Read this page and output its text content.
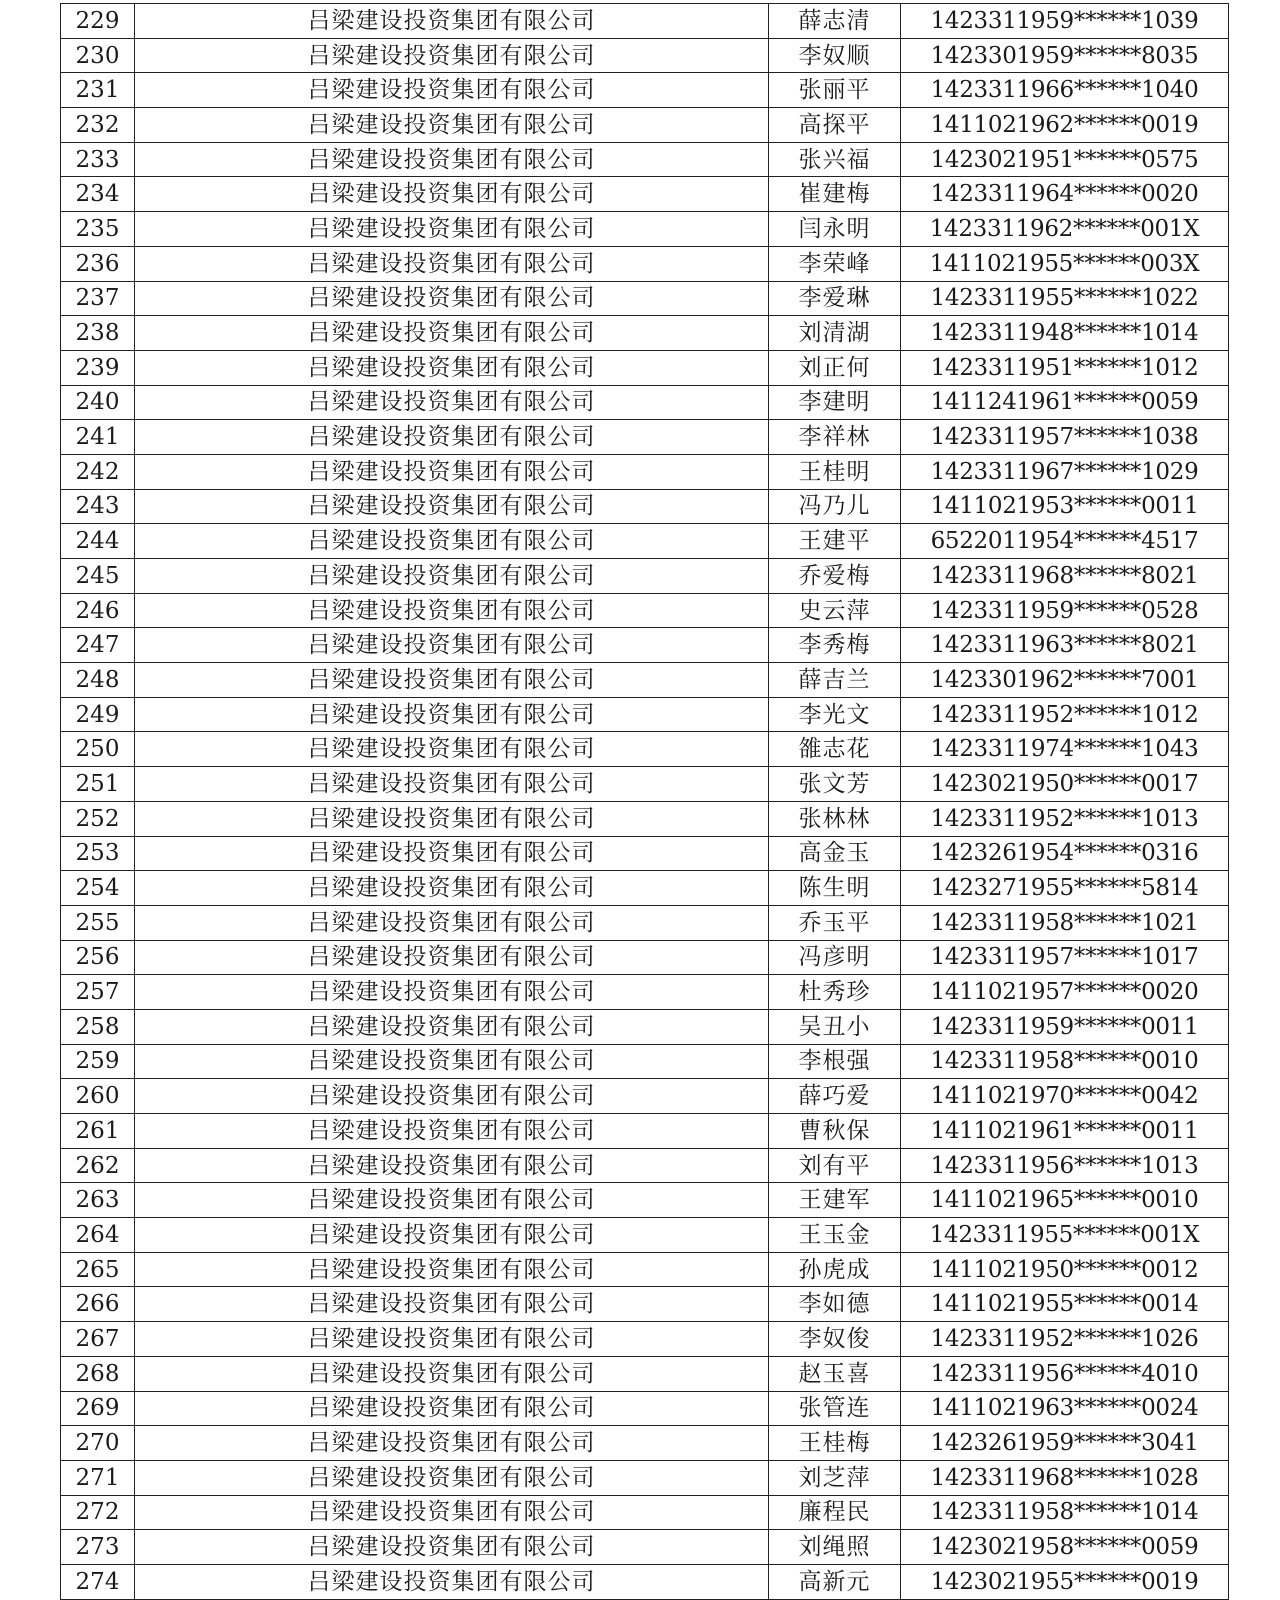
229	吕梁建设投资集团有限公司	薛志清	1423311959******1039
230	吕梁建设投资集团有限公司	李奴顺	1423301959******8035
231	吕梁建设投资集团有限公司	张丽平	1423311966******1040
232	吕梁建设投资集团有限公司	高探平	1411021962******0019
233	吕梁建设投资集团有限公司	张兴福	1423021951******0575
234	吕梁建设投资集团有限公司	崔建梅	1423311964******0020
235	吕梁建设投资集团有限公司	闫永明	1423311962******001X
236	吕梁建设投资集团有限公司	李荣峰	1411021955******003X
237	吕梁建设投资集团有限公司	李爱琳	1423311955******1022
238	吕梁建设投资集团有限公司	刘清湖	1423311948******1014
239	吕梁建设投资集团有限公司	刘正何	1423311951******1012
240	吕梁建设投资集团有限公司	李建明	1411241961******0059
241	吕梁建设投资集团有限公司	李祥林	1423311957******1038
242	吕梁建设投资集团有限公司	王桂明	1423311967******1029
243	吕梁建设投资集团有限公司	冯乃儿	1411021953******0011
244	吕梁建设投资集团有限公司	王建平	6522011954******4517
245	吕梁建设投资集团有限公司	乔爱梅	1423311968******8021
246	吕梁建设投资集团有限公司	史云萍	1423311959******0528
247	吕梁建设投资集团有限公司	李秀梅	1423311963******8021
248	吕梁建设投资集团有限公司	薛吉兰	1423301962******7001
249	吕梁建设投资集团有限公司	李光文	1423311952******1012
250	吕梁建设投资集团有限公司	雒志花	1423311974******1043
251	吕梁建设投资集团有限公司	张文芳	1423021950******0017
252	吕梁建设投资集团有限公司	张林林	1423311952******1013
253	吕梁建设投资集团有限公司	高金玉	1423261954******0316
254	吕梁建设投资集团有限公司	陈生明	1423271955******5814
255	吕梁建设投资集团有限公司	乔玉平	1423311958******1021
256	吕梁建设投资集团有限公司	冯彦明	1423311957******1017
257	吕梁建设投资集团有限公司	杜秀珍	1411021957******0020
258	吕梁建设投资集团有限公司	吴丑小	1423311959******0011
259	吕梁建设投资集团有限公司	李根强	1423311958******0010
260	吕梁建设投资集团有限公司	薛巧爱	1411021970******0042
261	吕梁建设投资集团有限公司	曹秋保	1411021961******0011
262	吕梁建设投资集团有限公司	刘有平	1423311956******1013
263	吕梁建设投资集团有限公司	王建军	1411021965******0010
264	吕梁建设投资集团有限公司	王玉金	1423311955******001X
265	吕梁建设投资集团有限公司	孙虎成	1411021950******0012
266	吕梁建设投资集团有限公司	李如德	1411021955******0014
267	吕梁建设投资集团有限公司	李奴俊	1423311952******1026
268	吕梁建设投资集团有限公司	赵玉喜	1423311956******4010
269	吕梁建设投资集团有限公司	张管连	1411021963******0024
270	吕梁建设投资集团有限公司	王桂梅	1423261959******3041
271	吕梁建设投资集团有限公司	刘芝萍	1423311968******1028
272	吕梁建设投资集团有限公司	廉程民	1423311958******1014
273	吕梁建设投资集团有限公司	刘绳照	1423021958******0059
274	吕梁建设投资集团有限公司	高新元	1423021955******0019
